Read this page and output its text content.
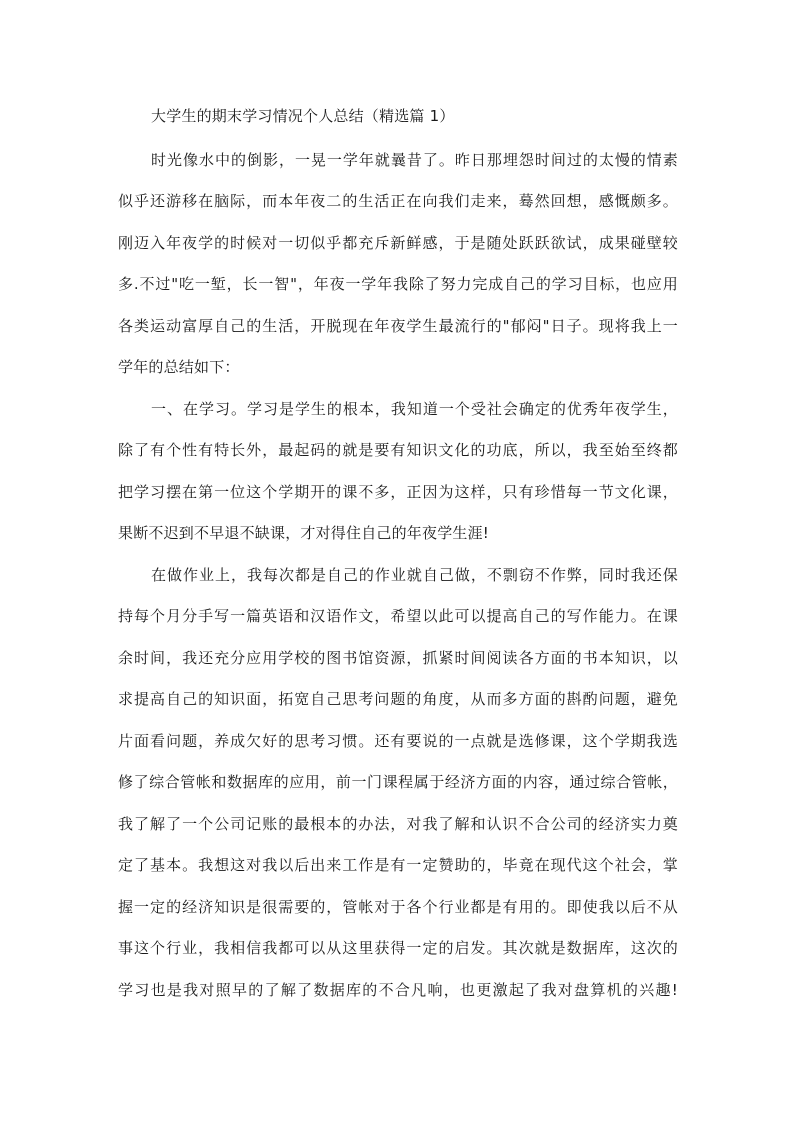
大学生的期末学习情况个人总结（精选篇 1）
时光像水中的倒影，一晃一学年就曩昔了。昨日那埋怨时间过的太慢的情素
似乎还游移在脑际，而本年夜二的生活正在向我们走来，蓦然回想，感慨颇多。
刚迈入年夜学的时候对一切似乎都充斥新鲜感，于是随处跃跃欲试，成果碰壁较
多.不过"吃一堑，长一智"，年夜一学年我除了努力完成自己的学习目标，也应用
各类运动富厚自己的生活，开脱现在年夜学生最流行的"郁闷"日子。现将我上一
学年的总结如下：
一、在学习。学习是学生的根本，我知道一个受社会确定的优秀年夜学生，
除了有个性有特长外，最起码的就是要有知识文化的功底，所以，我至始至终都
把学习摆在第一位这个学期开的课不多，正因为这样，只有珍惜每一节文化课，
果断不迟到不早退不缺课，才对得住自己的年夜学生涯!
在做作业上，我每次都是自己的作业就自己做，不剽窃不作弊，同时我还保
持每个月分手写一篇英语和汉语作文，希望以此可以提高自己的写作能力。在课
余时间，我还充分应用学校的图书馆资源，抓紧时间阅读各方面的书本知识，以
求提高自己的知识面，拓宽自己思考问题的角度，从而多方面的斟酌问题，避免
片面看问题，养成欠好的思考习惯。还有要说的一点就是选修课，这个学期我选
修了综合管帐和数据库的应用，前一门课程属于经济方面的内容，通过综合管帐，
我了解了一个公司记账的最根本的办法，对我了解和认识不合公司的经济实力奠
定了基本。我想这对我以后出来工作是有一定赞助的，毕竟在现代这个社会，掌
握一定的经济知识是很需要的，管帐对于各个行业都是有用的。即使我以后不从
事这个行业，我相信我都可以从这里获得一定的启发。其次就是数据库，这次的
学习也是我对照早的了解了数据库的不合凡响，也更激起了我对盘算机的兴趣!
